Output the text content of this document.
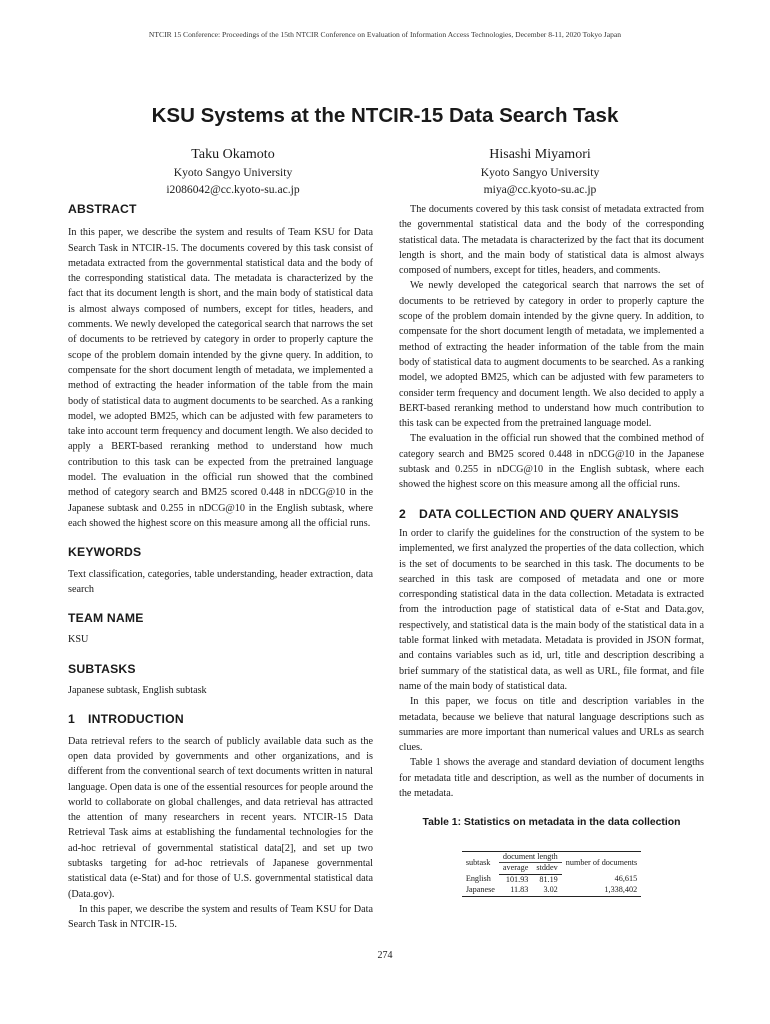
NTCIR 15 Conference: Proceedings of the 15th NTCIR Conference on Evaluation of Information Access Technologies, December 8-11, 2020 Tokyo Japan
KSU Systems at the NTCIR-15 Data Search Task
Taku Okamoto
Kyoto Sangyo University
i2086042@cc.kyoto-su.ac.jp
Hisashi Miyamori
Kyoto Sangyo University
miya@cc.kyoto-su.ac.jp
ABSTRACT

In this paper, we describe the system and results of Team KSU for Data Search Task in NTCIR-15. The documents covered by this task consist of metadata extracted from the governmental statistical data and the body of the corresponding statistical data. The metadata is characterized by the fact that its document length is short, and the main body of statistical data is almost always composed of numbers, except for titles, headers, and comments. We newly developed the categorical search that narrows the set of documents to be retrieved by category in order to properly capture the scope of the problem domain intended by the givne query. In addition, to compensate for the short document length of metadata, we implemented a method of extracting the header information of the table from the main body of statistical data to augment documents to be searched. As a ranking model, we adopted BM25, which can be adjusted with few parameters to take into account term frequency and document length. We also decided to apply a BERT-based reranking method to understand how much contribution to this task can be expected from the pretrained language model. The evaluation in the official run showed that the combined method of category search and BM25 scored 0.448 in nDCG@10 in the Japanese subtask and 0.255 in nDCG@10 in the English subtask, where each showed the highest score on this measure among all the official runs.

KEYWORDS

Text classification, categories, table understanding, header extraction, data search

TEAM NAME

KSU

SUBTASKS

Japanese subtask, English subtask

1 INTRODUCTION

Data retrieval refers to the search of publicly available data such as the open data provided by governments and other organizations, and is different from the conventional search of text documents written in natural language. Open data is one of the essential resources for people around the world to collaborate on global challenges, and data retrieval has attracted the attention of many researchers in recent years. NTCIR-15 Data Retrieval Task aims at establishing the fundamental technologies for the ad-hoc retrieval of governmental statistical data[2], and set up two subtasks targeting for ad-hoc retrievals of Japanese governmental statistical data (e-Stat) and for those of U.S. governmental statistical data (Data.gov).

In this paper, we describe the system and results of Team KSU for Data Search Task in NTCIR-15.

The documents covered by this task consist of metadata extracted from the governmental statistical data and the body of the corresponding statistical data. The metadata is characterized by the fact that its document length is short, and the main body of statistical data is almost always composed of numbers, except for titles, headers, and comments.

We newly developed the categorical search that narrows the set of documents to be retrieved by category in order to properly capture the scope of the problem domain intended by the givne query. In addition, to compensate for the short document length of metadata, we implemented a method of extracting the header information of the table from the main body of statistical data to augment documents to be searched. As a ranking model, we adopted BM25, which can be adjusted with few parameters to consider term frequency and document length. We also decided to apply a BERT-based reranking method to understand how much contribution to this task can be expected from the pretrained language model.

The evaluation in the official run showed that the combined method of category search and BM25 scored 0.448 in nDCG@10 in the Japanese subtask and 0.255 in nDCG@10 in the English subtask, where each showed the highest score on this measure among all the official runs.

2 DATA COLLECTION AND QUERY ANALYSIS

In order to clarify the guidelines for the construction of the system to be implemented, we first analyzed the properties of the data collection, which is the set of documents to be searched in this task. The documents to be searched in this task are composed of metadata and one or more corresponding statistical data in the data collection. Metadata is extracted from the introduction page of statistical data of e-Stat and Data.gov, respectively, and statistical data is the main body of the statistical data in a table format linked with metadata. Metadata is provided in JSON format, and contains variables such as id, url, title and description describing a brief summary of the statistical data, as well as URL, file format, and file name of the main body of statistical data.

In this paper, we focus on title and description variables in the metadata, because we believe that natural language descriptions such as summaries are more important than numerical values and URLs as search clues.

Table 1 shows the average and standard deviation of document lengths for metadata title and description, as well as the number of documents in the metadata.

Table 1: Statistics on metadata in the data collection
subtask	document length		number of documents
	average	stddev	
English	101.93	81.19	46,615
Japanese	11.83	3.02	1,338,402
274
